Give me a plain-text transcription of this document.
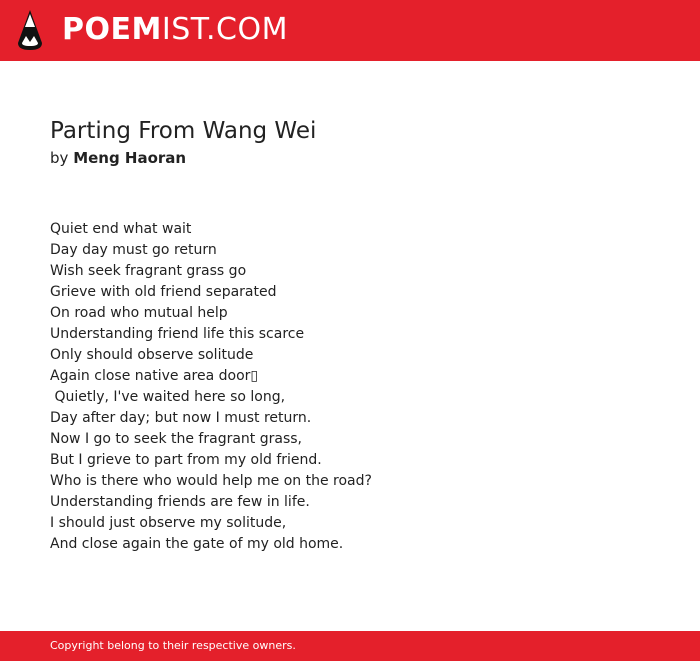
POEMIST.COM
Parting From Wang Wei
by Meng Haoran
Quiet end what wait
Day day must go return
Wish seek fragrant grass go
Grieve with old friend separated
On road who mutual help
Understanding friend life this scarce
Only should observe solitude
Again close native area door▯
Quietly, I've waited here so long,
Day after day; but now I must return.
Now I go to seek the fragrant grass,
But I grieve to part from my old friend.
Who is there who would help me on the road?
Understanding friends are few in life.
I should just observe my solitude,
And close again the gate of my old home.
Copyright belong to their respective owners.
